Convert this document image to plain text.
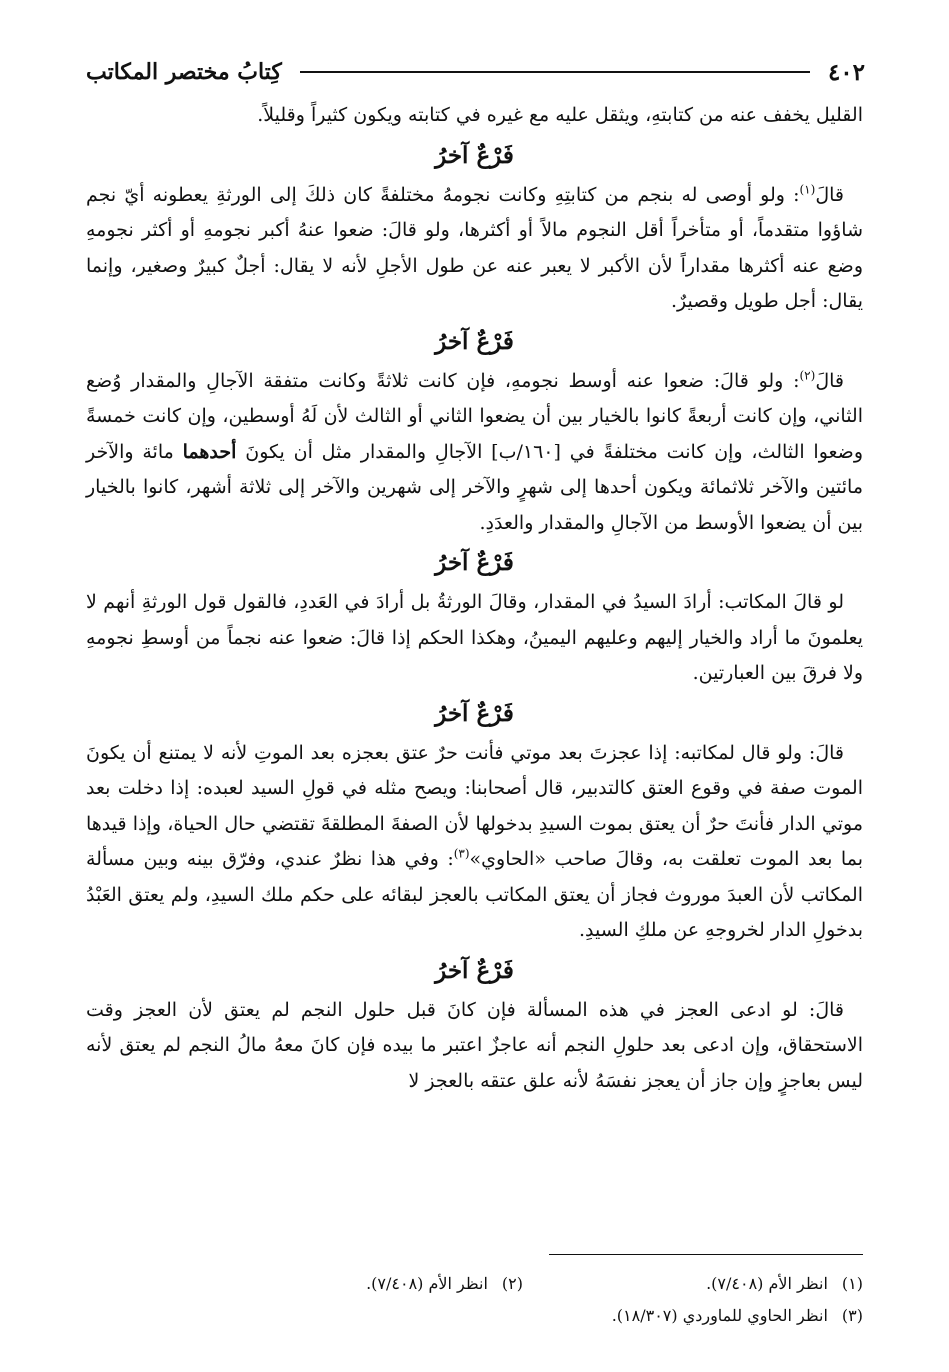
٤٠٢
كِتابُ مختصر المكاتب

القليل يخفف عنه من كتابتهِ، ويثقل عليه مع غيره في كتابته ويكون كثيراً وقليلاً.

فَرْعٌ آخرُ

 قالَ$^{(١)}$: ولو أوصى له بنجم من كتابتِهِ وكانت نجومهُ مختلفةً كان ذلكَ إلى الورثةِ يعطونه أيّ نجم شاؤوا متقدماً، أو متأخراً أقل النجوم مالاً أو أكثرها، ولو قالَ: ضعوا عنهُ أكبر نجومهِ أو أكثر نجومهِ وضع عنه أكثرها مقداراً لأن الأكبر لا يعبر عنه عن طول الأجلِ لأنه لا يقال: أجلٌ كبيرٌ وصغير، وإنما يقال: أجل طويل وقصيرٌ.

فَرْعٌ آخرُ

 قالَ$^{(٢)}$: ولو قالَ: ضعوا عنه أوسط نجومهِ، فإن كانت ثلاثةً وكانت متفقة الآجالِ والمقدار وُضع الثاني، وإن كانت أربعةً كانوا بالخيار بين أن يضعوا الثاني أو الثالث لأن لَهُ أوسطين، وإن كانت خمسةً وضعوا الثالث، وإن كانت مختلفةً في [١٦٠/ب] الآجالِ والمقدار مثل أن يكونَ أحدهما مائة والآخر مائتين والآخر ثلاثمائة ويكون أحدها إلى شهرٍ والآخر إلى شهرين والآخر إلى ثلاثة أشهر، كانوا بالخيار بين أن يضعوا الأوسط من الآجالِ والمقدار والعدَدِ.

فَرْعٌ آخرُ

 لو قالَ المكاتب: أرادَ السيدُ في المقدار، وقالَ الورثةُ بل أرادَ في العَددِ، فالقول قول الورثةِ أنهم لا يعلمونَ ما أراد والخيار إليهم وعليهم اليمينُ، وهكذا الحكم إذا قالَ: ضعوا عنه نجماً من أوسطِ نجومهِ ولا فرقَ بين العبارتين.

فَرْعٌ آخرُ

 قالَ: ولو قال لمكاتبه: إذا عجزتَ بعد موتي فأنت حرٌ عتق بعجزه بعد الموتِ لأنه لا يمتنع أن يكونَ الموت صفة في وقوع العتق كالتدبير، قال أصحابنا: ويصح مثله في قولِ السيد لعبده: إذا دخلت بعد موتي الدار فأنتَ حرٌ أن يعتق بموت السيدِ بدخولها لأن الصفةَ المطلقةَ تقتضي حال الحياة، وإذا قيدها بما بعد الموت تعلقت به، وقالَ صاحب «الحاوي»$^{(٣)}$: وفي هذا نظرٌ عندي، وفرّق بينه وبين مسألة المكاتب لأن العبدَ موروث فجاز أن يعتق المكاتب بالعجز لبقائه على حكم ملك السيدِ، ولم يعتق العَبْدُ بدخولِ الدار لخروجهِ عن ملكِ السيدِ.

فَرْعٌ آخرُ

 قالَ: لو ادعى العجز في هذه المسألة فإن كانَ قبل حلول النجم لم يعتق لأن العجز وقت الاستحقاق، وإن ادعى بعد حلولِ النجم أنه عاجزٌ اعتبر ما بيده فإن كانَ معهُ مالُ النجم لم يعتق لأنه ليس بعاجزٍ وإن جاز أن يعجز نفسَهُ لأنه علق عتقه بالعجز لا

(١)انظر الأم (٧/٤٠٨).
(٢)انظر الأم (٧/٤٠٨).
(٣)انظر الحاوي للماوردي (١٨/٣٠٧).
